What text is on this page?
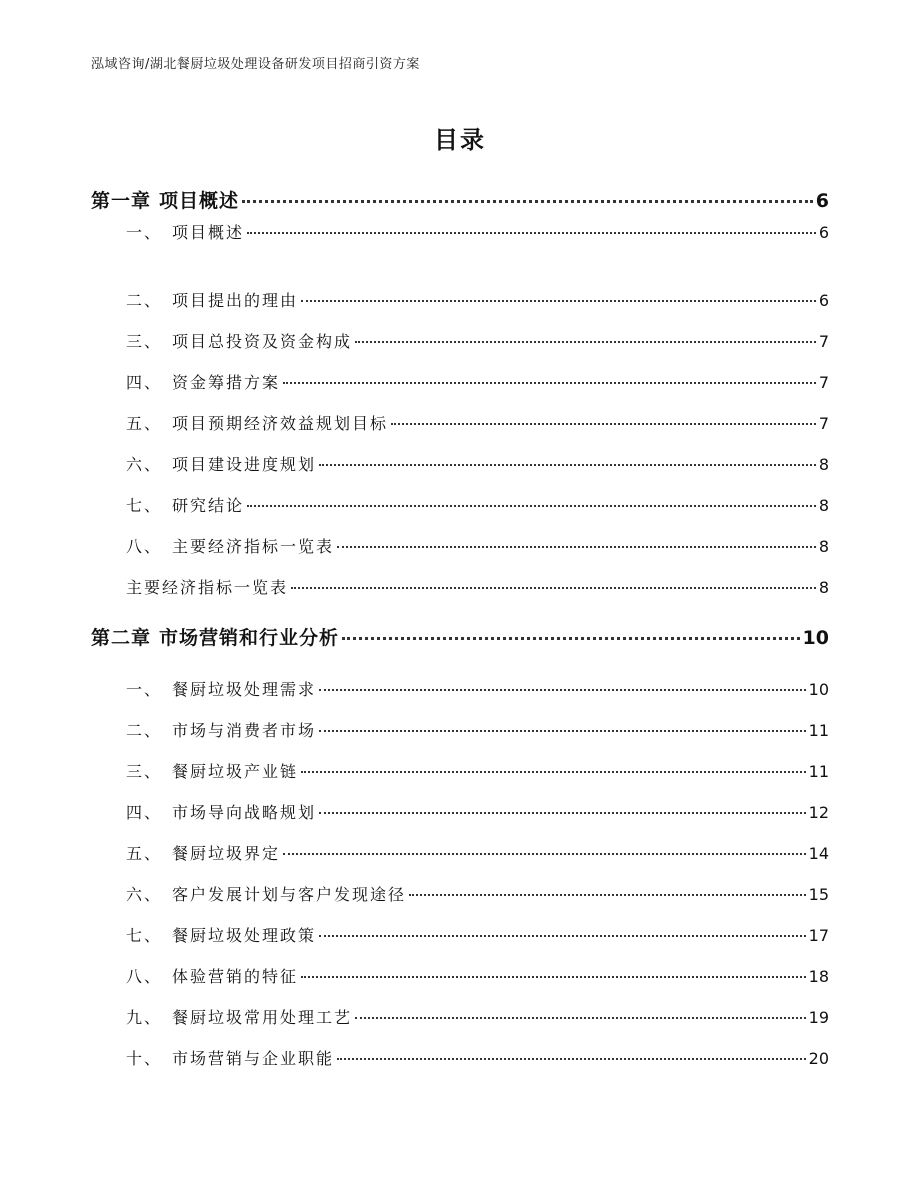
泓域咨询/湖北餐厨垃圾处理设备研发项目招商引资方案
目录
第一章 项目概述	6
一、 项目概述	6
二、 项目提出的理由	6
三、 项目总投资及资金构成	7
四、 资金筹措方案	7
五、 项目预期经济效益规划目标	7
六、 项目建设进度规划	8
七、 研究结论	8
八、 主要经济指标一览表	8
主要经济指标一览表	8
第二章 市场营销和行业分析	10
一、 餐厨垃圾处理需求	10
二、 市场与消费者市场	11
三、 餐厨垃圾产业链	11
四、 市场导向战略规划	12
五、 餐厨垃圾界定	14
六、 客户发展计划与客户发现途径	15
七、 餐厨垃圾处理政策	17
八、 体验营销的特征	18
九、 餐厨垃圾常用处理工艺	19
十、 市场营销与企业职能	20
